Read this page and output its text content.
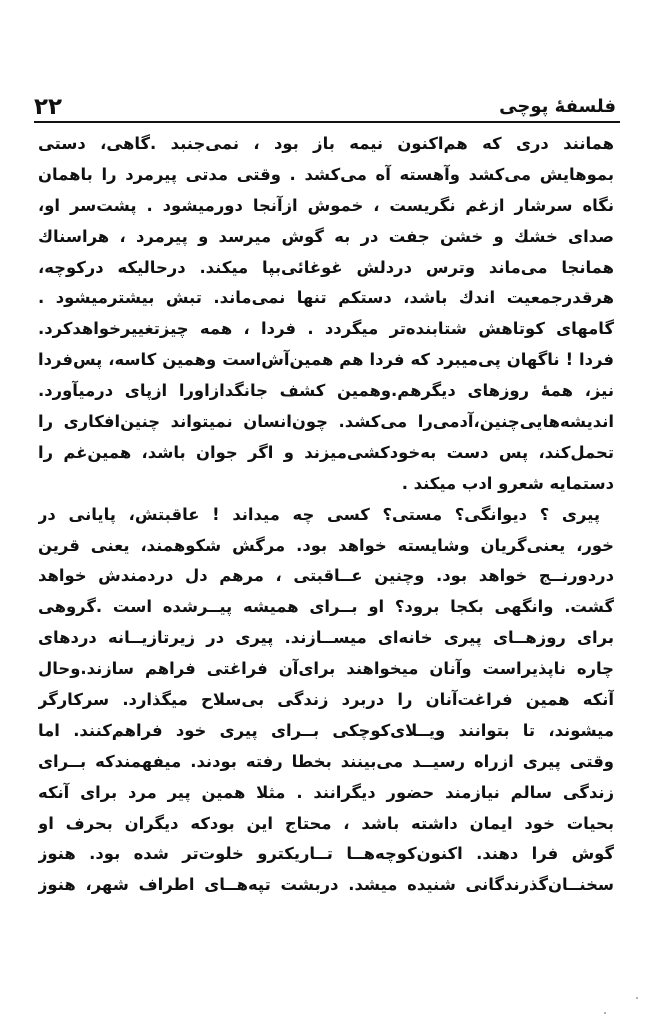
۲۲	فلسفهٔ پوچی
همانند دری که هم‌اکنون نیمه باز بود ، نمی‌جنبد .گاهی، دستی
بموهایش می‌کشد وآهسته آه می‌کشد . وقتی مدتی پیرمرد را باهمان
نگاه سرشار ازغم نگریست ، خموش ازآنجا دورمیشود . پشت‌سر او،
صدای خشك و خشن جفت در به گوش میرسد و پیرمرد ، هراسناك
همانجا می‌ماند وترس دردلش غوغائی‌بپا میکند. درحالیکه درکوچه،
هرقدرجمعیت اندك باشد، دستکم تنها نمی‌ماند. تبش بیشترمیشود .
گامهای کوتاهش شتابنده‌تر میگردد . فردا ، همه چیزتغییرخواهدکرد.
فردا ! ناگهان پی‌میبرد که فردا هم همین‌آش‌است وهمین کاسه، پس‌فردا
نیز، همهٔ روزهای دیگرهم.وهمین کشف جانگدازاورا ازپای درمیآورد.
اندیشه‌هایی‌چنین،آدمی‌را می‌کشد. چون‌انسان نمیتواند چنین‌افکاری را
تحمل‌کند، پس دست به‌خودکشی‌میزند و اگر جوان باشد، همین‌غم را
دستمایه شعرو ادب میکند .
پیری ؟ دیوانگی؟ مستی؟ کسی چه میداند ! عاقبتش، پایانی در
خور، یعنی‌گریان وشایسته خواهد بود. مرگش شکوهمند، یعنی قرین
دردورنــج خواهد بود. وچنین عــاقبتی ، مرهم دل دردمندش خواهد
گشت. وانگهی بکجا برود؟ او بــرای همیشه پیــرشده است .گروهی
برای روزهــای پیری خانه‌ای میســازند. پیری در زیرتازیــانه دردهای
چاره ناپذیراست وآنان میخواهند برای‌آن فراغتی فراهم سازند.وحال
آنکه همین فراغت‌آنان را دربرد زندگی بی‌سلاح میگذارد. سرکارگر
میشوند، تا بتوانند ویــلای‌کوچکی بــرای پیری خود فراهم‌کنند. اما
وقتی پیری ازراه رسیــد می‌بینند بخطا رفته بودند. میفهمندکه بــرای
زندگی سالم نیازمند حضور دیگرانند . مثلا همین پیر مرد برای آنکه
بحیات خود ایمان داشته باشد ، محتاج این بودکه دیگران بحرف او
گوش فرا دهند. اکنون‌کوچه‌هــا تــاریکترو خلوت‌تر شده بود. هنوز
سخنــان‌گذرندگانی شنیده میشد. دربشت تپه‌هــای اطراف شهر، هنوز
